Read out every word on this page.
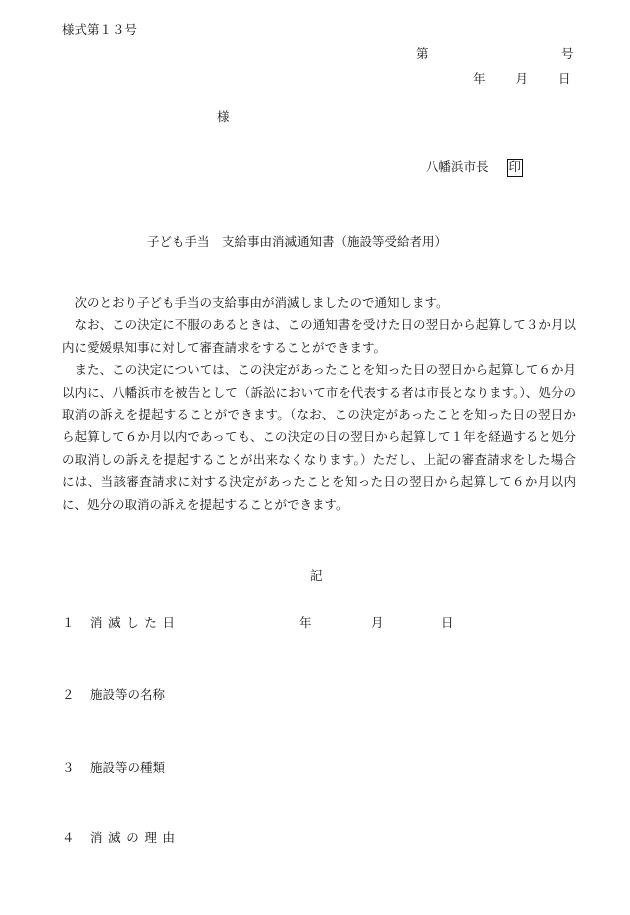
様式第１３号
第	号
年 月 日
様
八幡浜市長 印
子ども手当　支給事由消滅通知書（施設等受給者用）

次のとおり子ども手当の支給事由が消滅しましたので通知します。

なお、この決定に不服のあるときは、この通知書を受けた日の翌日から起算して３か月以内に愛媛県知事に対して審査請求をすることができます。

また、この決定については、この決定があったことを知った日の翌日から起算して６か月以内に、八幡浜市を被告として（訴訟において市を代表する者は市長となります。）、処分の取消の訴えを提起することができます。（なお、この決定があったことを知った日の翌日から起算して６か月以内であっても、この決定の日の翌日から起算して１年を経過すると処分の取消しの訴えを提起することが出来なくなります。）ただし、上記の審査請求をした場合には、当該審査請求に対する決定があったことを知った日の翌日から起算して６か月以内に、処分の取消の訴えを提起することができます。

記
１ 消滅した日	年	月	日
２ 施設等の名称
３ 施設等の種類
４ 消滅の理由
